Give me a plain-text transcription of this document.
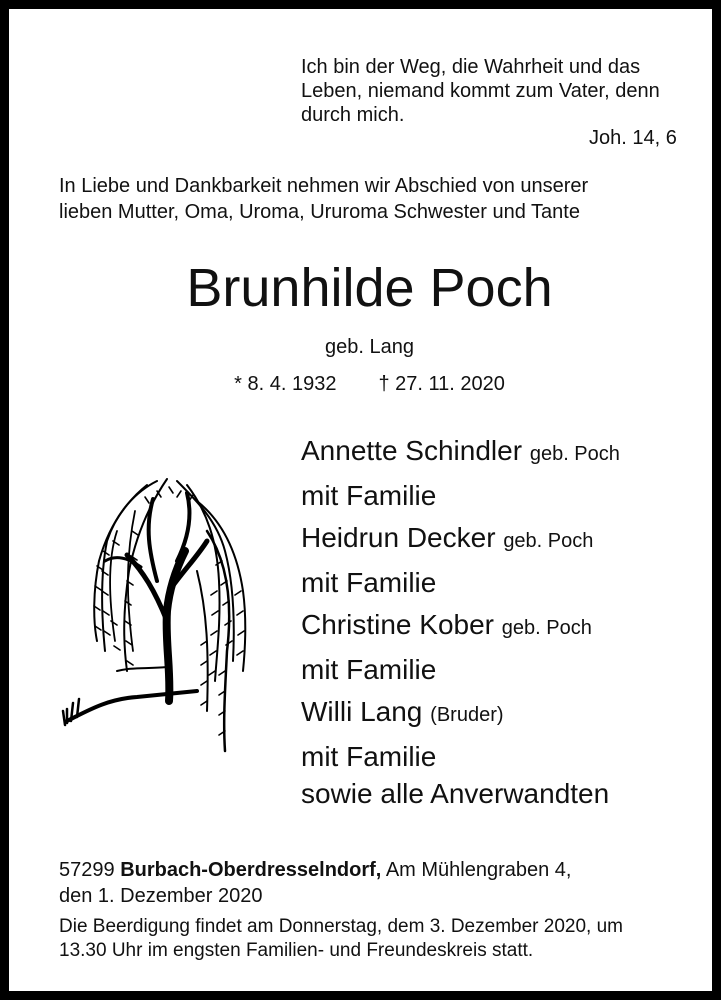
Ich bin der Weg, die Wahrheit und das
Leben, niemand kommt zum Vater, denn
durch mich.
Joh. 14, 6
In Liebe und Dankbarkeit nehmen wir Abschied von unserer
lieben Mutter, Oma, Uroma, Ururoma Schwester und Tante
Brunhilde Poch
geb. Lang
* 8. 4. 1932 † 27. 11. 2020
Annette Schindler geb. Poch
mit Familie
Heidrun Decker geb. Poch
mit Familie
Christine Kober geb. Poch
mit Familie
Willi Lang (Bruder)
mit Familie
sowie alle Anverwandten
57299 Burbach-Oberdresselndorf, Am Mühlengraben 4,
den 1. Dezember 2020
Die Beerdigung findet am Donnerstag, dem 3. Dezember 2020, um
13.30 Uhr im engsten Familien- und Freundeskreis statt.
